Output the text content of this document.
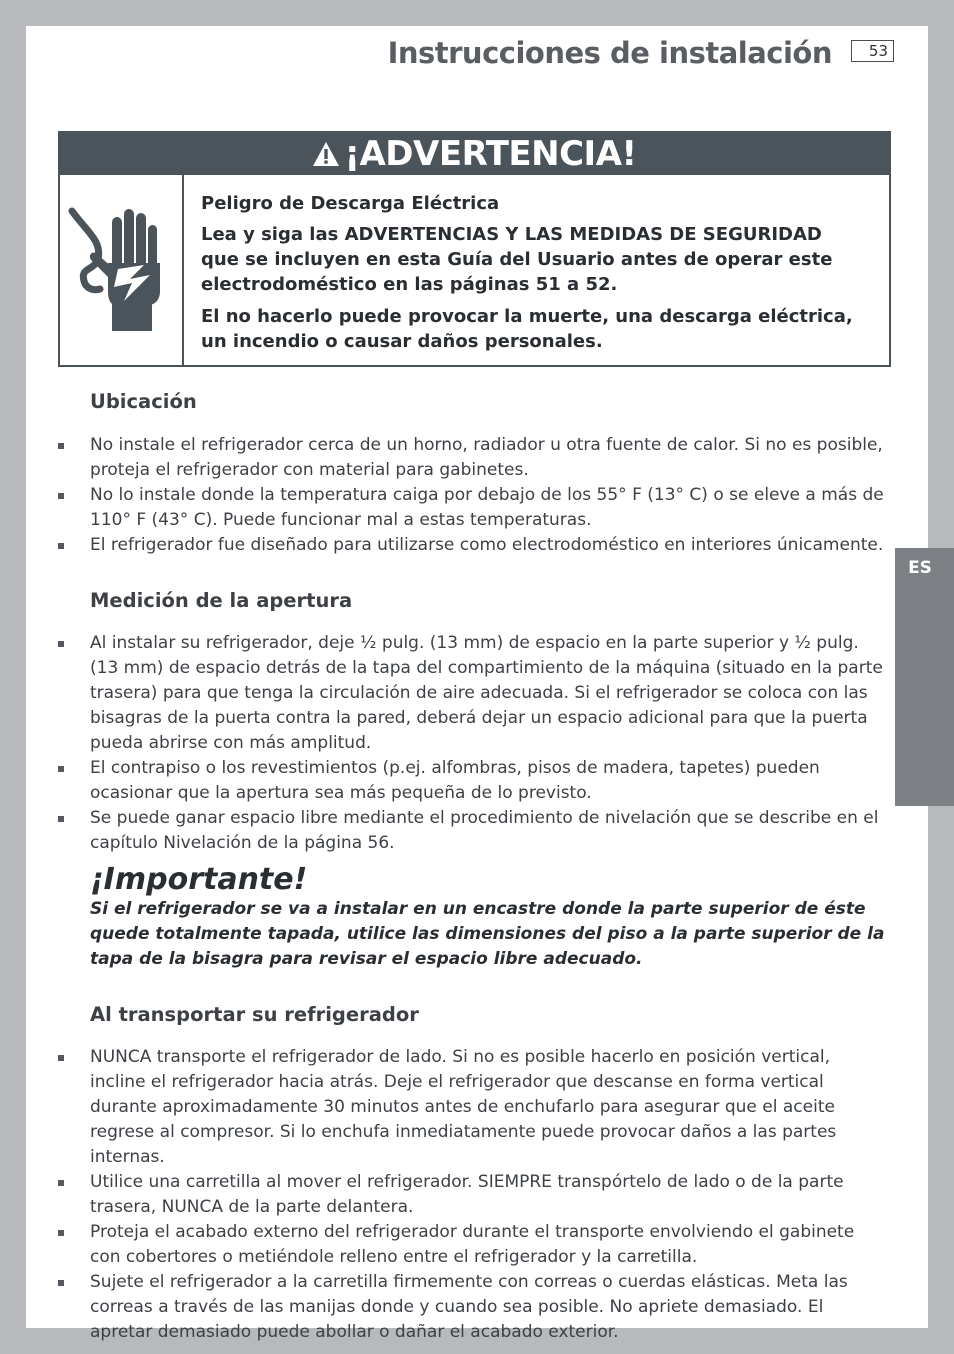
Instrucciones de instalación	53
ES
¡ADVERTENCIA!

Peligro de Descarga Eléctrica

Lea y siga las ADVERTENCIAS Y LAS MEDIDAS DE SEGURIDAD que se incluyen en esta Guía del Usuario antes de operar este electrodoméstico en las páginas 51 a 52.

El no hacerlo puede provocar la muerte, una descarga eléctrica, un incendio o causar daños personales.

Ubicación
No instale el refrigerador cerca de un horno, radiador u otra fuente de calor. Si no es posible, proteja el refrigerador con material para gabinetes.
No lo instale donde la temperatura caiga por debajo de los 55° F (13° C) o se eleve a más de 110° F (43° C). Puede funcionar mal a estas temperaturas.
El refrigerador fue diseñado para utilizarse como electrodoméstico en interiores únicamente.
Medición de la apertura
Al instalar su refrigerador, deje ½ pulg. (13 mm) de espacio en la parte superior y ½ pulg. (13 mm) de espacio detrás de la tapa del compartimiento de la máquina (situado en la parte trasera) para que tenga la circulación de aire adecuada. Si el refrigerador se coloca con las bisagras de la puerta contra la pared, deberá dejar un espacio adicional para que la puerta pueda abrirse con más amplitud.
El contrapiso o los revestimientos (p.ej. alfombras, pisos de madera, tapetes) pueden ocasionar que la apertura sea más pequeña de lo previsto.
Se puede ganar espacio libre mediante el procedimiento de nivelación que se describe en el capítulo Nivelación de la página 56.
¡Importante!
Si el refrigerador se va a instalar en un encastre donde la parte superior de éste quede totalmente tapada, utilice las dimensiones del piso a la parte superior de la tapa de la bisagra para revisar el espacio libre adecuado.
Al transportar su refrigerador
NUNCA transporte el refrigerador de lado. Si no es posible hacerlo en posición vertical, incline el refrigerador hacia atrás. Deje el refrigerador que descanse en forma vertical durante aproximadamente 30 minutos antes de enchufarlo para asegurar que el aceite regrese al compresor. Si lo enchufa inmediatamente puede provocar daños a las partes internas.
Utilice una carretilla al mover el refrigerador. SIEMPRE transpórtelo de lado o de la parte trasera, NUNCA de la parte delantera.
Proteja el acabado externo del refrigerador durante el transporte envolviendo el gabinete con cobertores o metiéndole relleno entre el refrigerador y la carretilla.
Sujete el refrigerador a la carretilla firmemente con correas o cuerdas elásticas. Meta las correas a través de las manijas donde y cuando sea posible. No apriete demasiado. El apretar demasiado puede abollar o dañar el acabado exterior.
